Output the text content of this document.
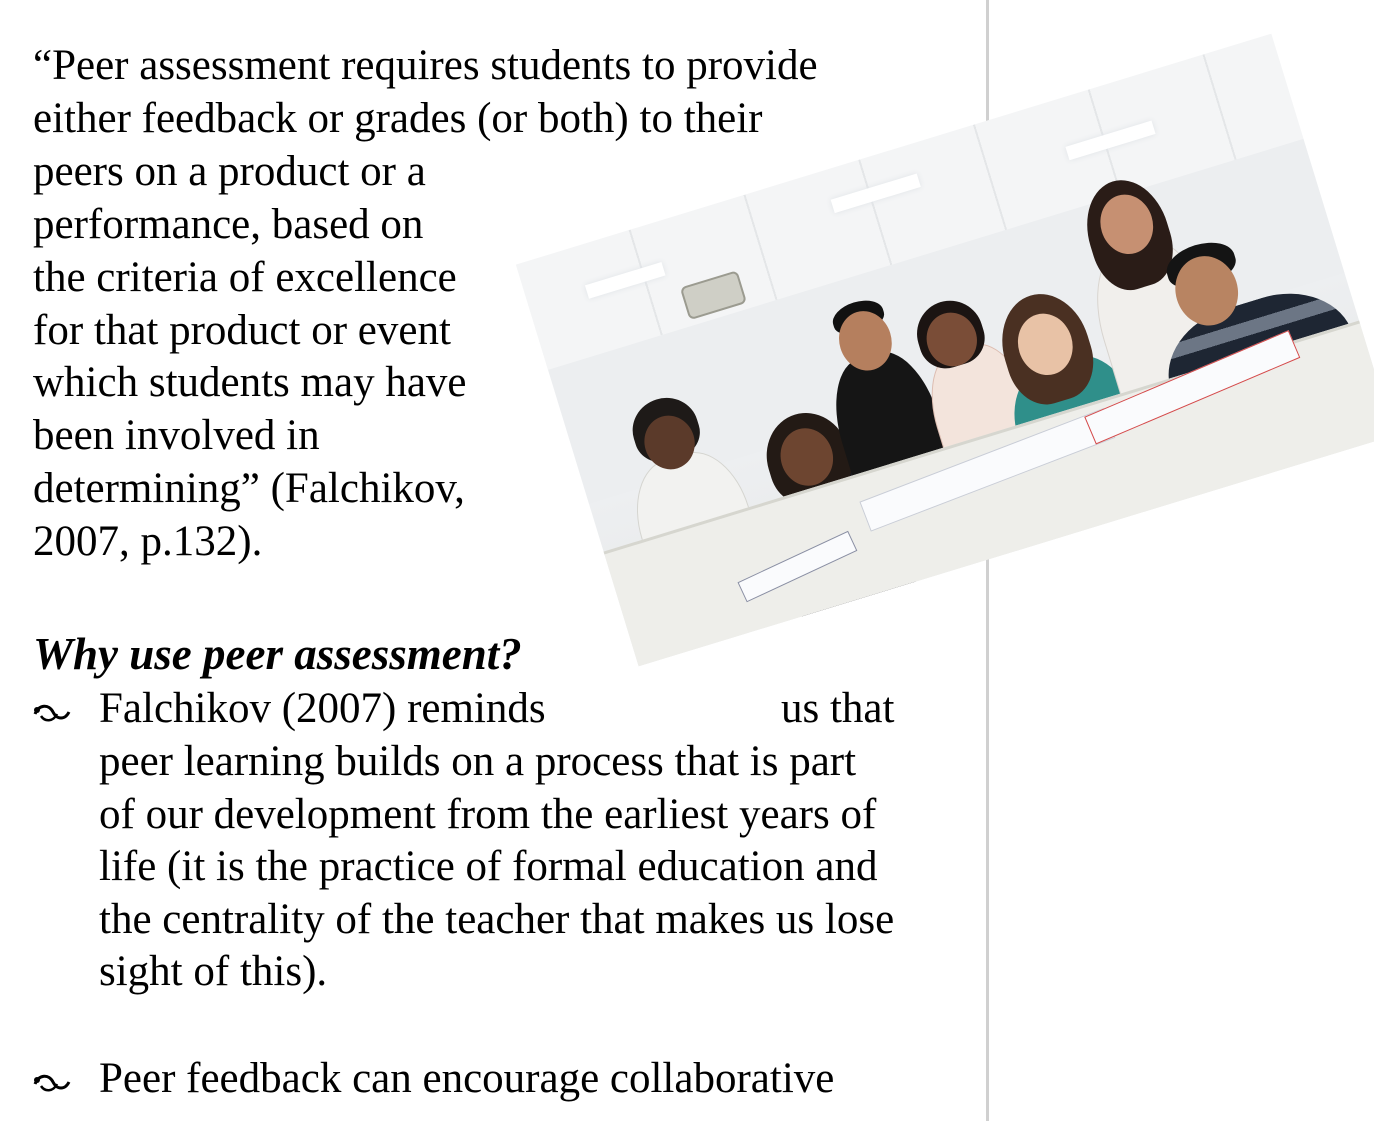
“Peer assessment requires students to provide
either feedback or grades (or both) to their
peers on a product or a
performance, based on
the criteria of excellence
for that product or event
which students may have
been involved in
determining” (Falchikov,
2007, p.132).
Why use peer assessment?
Falchikov (2007) reminds	us that
peer learning builds on a process that is part
of our development from the earliest years of
life (it is the practice of formal education and
the centrality of the teacher that makes us lose
sight of this).
Peer feedback can encourage collaborative
